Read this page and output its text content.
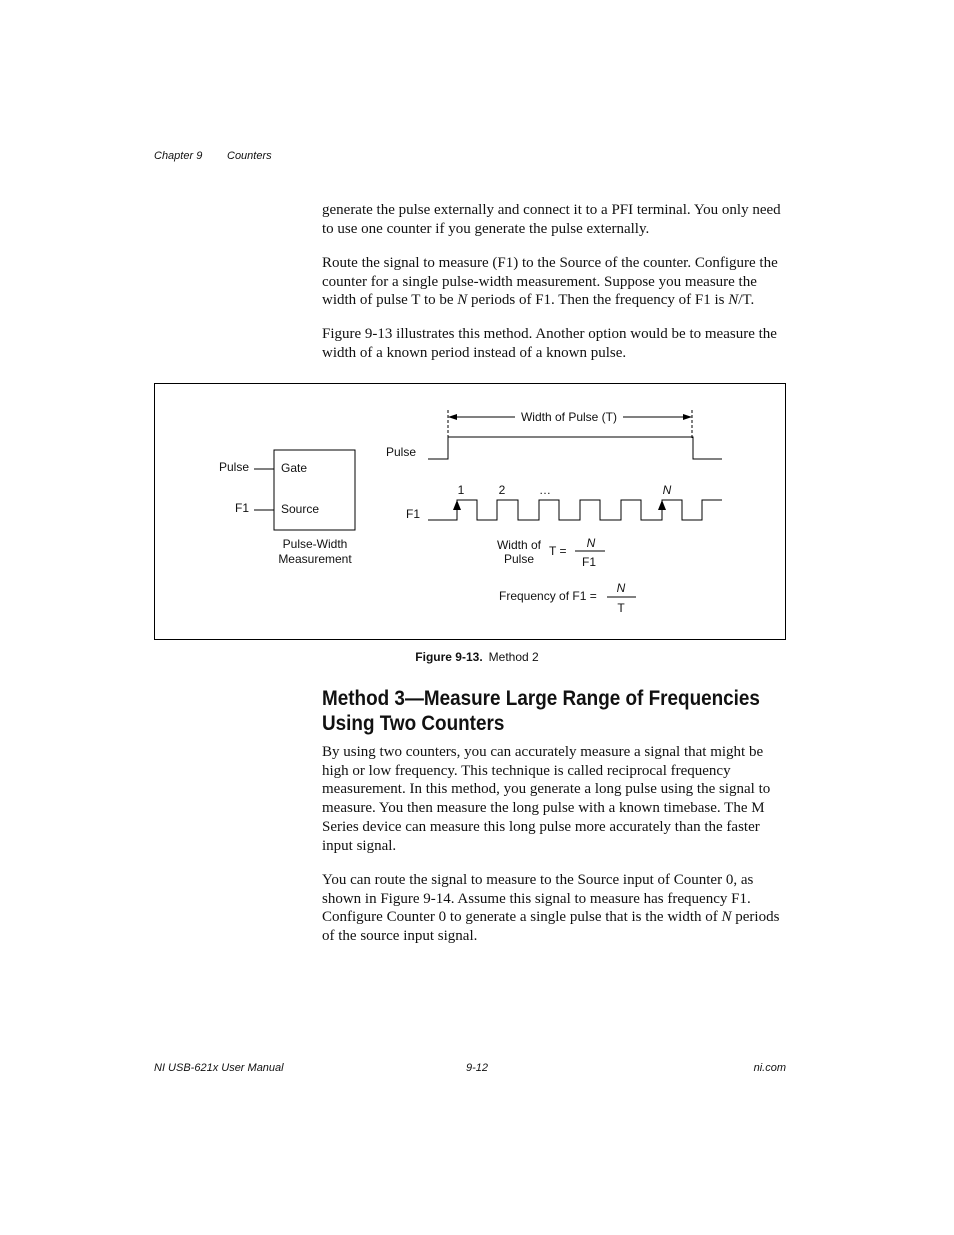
Chapter 9 Counters

generate the pulse externally and connect it to a PFI terminal. You only need to use one counter if you generate the pulse externally.

Route the signal to measure (F1) to the Source of the counter. Configure the counter for a single pulse-width measurement. Suppose you measure the width of pulse T to be N periods of F1. Then the frequency of F1 is N/T.

Figure 9-13 illustrates this method. Another option would be to measure the width of a known period instead of a known pulse.

Gate
Source
Pulse
F1
Pulse-Width
Measurement
Width of Pulse (T)
Pulse
F1
1	2	…	N
Width of
Pulse
T =
N
F1
Frequency of F1 =
N
T
Figure 9-13. Method 2
Method 3—Measure Large Range of Frequencies
Using Two Counters

By using two counters, you can accurately measure a signal that might be high or low frequency. This technique is called reciprocal frequency measurement. In this method, you generate a long pulse using the signal to measure. You then measure the long pulse with a known timebase. The M Series device can measure this long pulse more accurately than the faster input signal.

You can route the signal to measure to the Source input of Counter 0, as shown in Figure 9-14. Assume this signal to measure has frequency F1. Configure Counter 0 to generate a single pulse that is the width of N periods of the source input signal.

NI USB-621x User Manual	9-12	ni.com
